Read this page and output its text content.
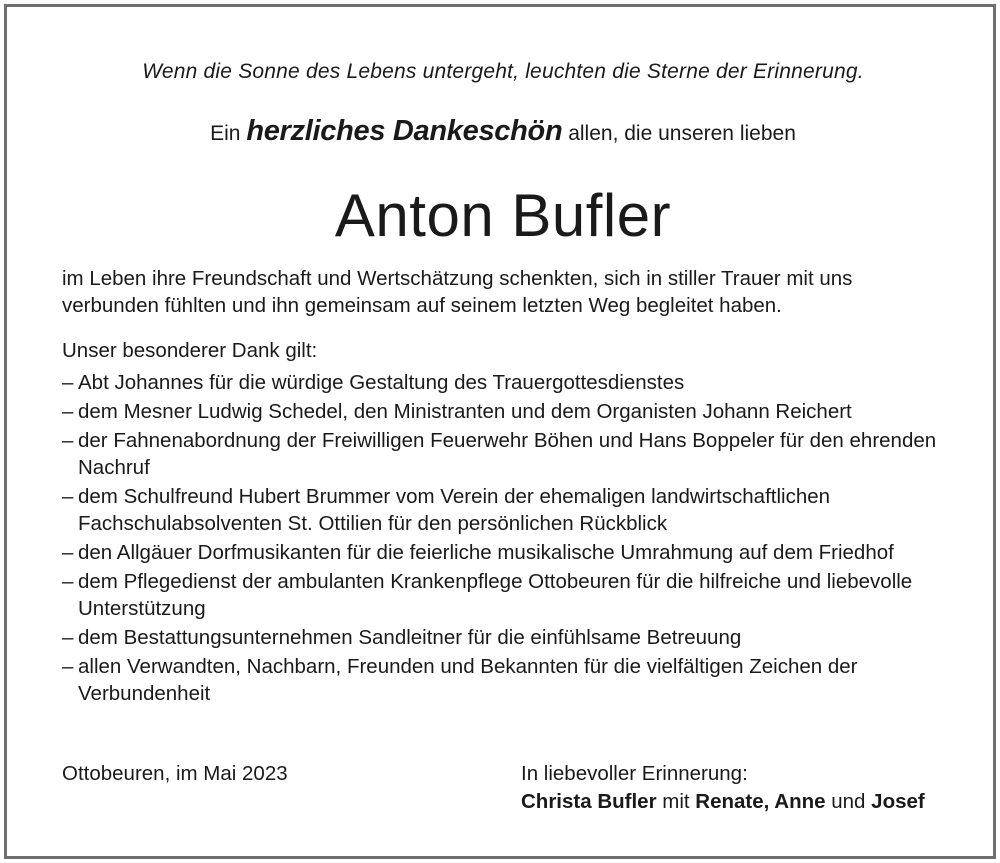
Wenn die Sonne des Lebens untergeht, leuchten die Sterne der Erinnerung.
Ein herzliches Dankeschön allen, die unseren lieben
Anton Bufler
im Leben ihre Freundschaft und Wertschätzung schenkten, sich in stiller Trauer mit uns
verbunden fühlten und ihn gemeinsam auf seinem letzten Weg begleitet haben.
Unser besonderer Dank gilt:
– Abt Johannes für die würdige Gestaltung des Trauergottesdienstes
– dem Mesner Ludwig Schedel, den Ministranten und dem Organisten Johann Reichert
– der Fahnenabordnung der Freiwilligen Feuerwehr Böhen und Hans Boppeler für den ehrenden Nachruf
– dem Schulfreund Hubert Brummer vom Verein der ehemaligen landwirtschaftlichen Fachschulabsolventen St. Ottilien für den persönlichen Rückblick
– den Allgäuer Dorfmusikanten für die feierliche musikalische Umrahmung auf dem Friedhof
– dem Pflegedienst der ambulanten Krankenpflege Ottobeuren für die hilfreiche und liebevolle Unterstützung
– dem Bestattungsunternehmen Sandleitner für die einfühlsame Betreuung
– allen Verwandten, Nachbarn, Freunden und Bekannten für die vielfältigen Zeichen der Verbundenheit
Ottobeuren, im Mai 2023	In liebevoller Erinnerung:
Christa Bufler mit Renate, Anne und Josef
